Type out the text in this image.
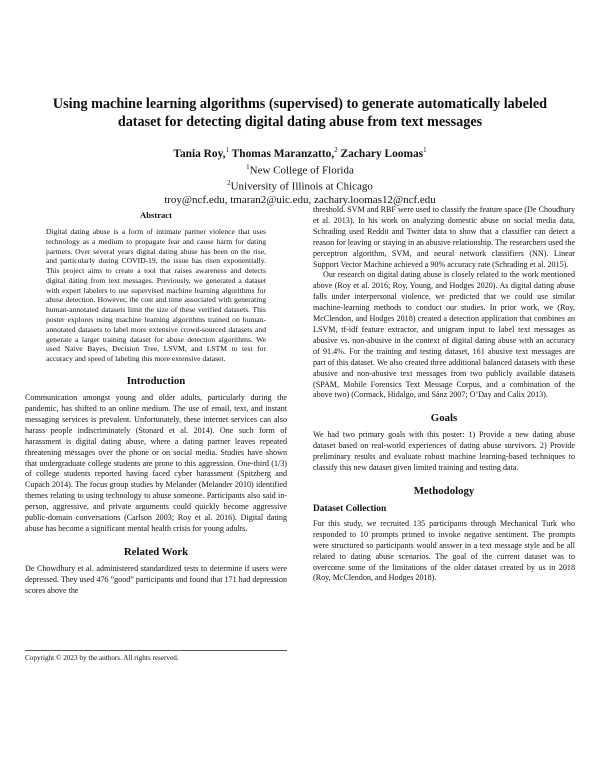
Using machine learning algorithms (supervised) to generate automatically labeled dataset for detecting digital dating abuse from text messages
Tania Roy,$^1$ Thomas Maranzatto,$^2$ Zachary Loomas$^1$
$^1$New College of Florida
$^2$University of Illinois at Chicago
troy@ncf.edu, tmaran2@uic.edu, zachary.loomas12@ncf.edu
Abstract

Digital dating abuse is a form of intimate partner violence that uses technology as a medium to propagate fear and cause harm for dating partners. Over several years digital dating abuse has been on the rise, and particularly during COVID-19, the issue has risen exponentially. This project aims to create a tool that raises awareness and detects digital dating from text messages. Previously, we generated a dataset with expert labelers to use supervised machine learning algorithms for abuse detection. However, the cost and time associated with generating human-annotated datasets limit the size of these verified datasets. This poster explores using machine learning algorithms trained on human-annotated datasets to label more extensive crowd-sourced datasets and generate a larger training dataset for abuse detection algorithms. We used Naive Bayes, Decision Tree, LSVM, and LSTM to test for accuracy and speed of labeling this more extensive dataset.

Introduction

Communication amongst young and older adults, particularly during the pandemic, has shifted to an online medium. The use of email, text, and instant messaging services is prevalent. Unfortunately, these internet services can also harass people indiscriminately (Stonard et al. 2014). One such form of harassment is digital dating abuse, where a dating partner leaves repeated threatening messages over the phone or on social media. Studies have shown that undergraduate college students are prone to this aggression. One-third (1/3) of college students reported having faced cyber harassment (Spitzberg and Cupach 2014). The focus group studies by Melander (Melander 2010) identified themes relating to using technology to abuse someone. Participants also said in-person, aggressive, and private arguments could quickly become aggressive public-domain conversations (Carlson 2003; Roy et al. 2016). Digital dating abuse has become a significant mental health crisis for young adults.

Related Work

De Chowdhury et al. administered standardized tests to determine if users were depressed. They used 476 ”good” participants and found that 171 had depression scores above the

Copyright © 2023 by the authors. All rights reserved.

threshold. SVM and RBF were used to classify the feature space (De Choudhury et al. 2013). In his work on analyzing domestic abuse on social media data, Schrading used Reddit and Twitter data to show that a classifier can detect a reason for leaving or staying in an abusive relationship. The researchers used the perceptron algorithm, SVM, and neural network classifiers (NN). Linear Support Vector Machine achieved a 90% accuracy rate (Schrading et al. 2015).

Our research on digital dating abuse is closely related to the work mentioned above (Roy et al. 2016; Roy, Young, and Hodges 2020). As digital dating abuse falls under interpersonal violence, we predicted that we could use similar machine-learning methods to conduct our studies. In prior work, we (Roy, McClendon, and Hodges 2018) created a detection application that combines an LSVM, tf-idf feature extractor, and unigram input to label text messages as abusive vs. non-abusive in the context of digital dating abuse with an accuracy of 91.4%. For the training and testing dataset, 161 abusive text messages are part of this dataset. We also created three additional balanced datasets with these abusive and non-abusive text messages from two publicly available datasets (SPAM, Mobile Forensics Text Message Corpus, and a combination of the above two) (Cormack, Hidalgo, and Sánz 2007; O’Day and Calix 2013).

Goals

We had two primary goals with this poster: 1) Provide a new dating abuse dataset based on real-world experiences of dating abuse survivors. 2) Provide preliminary results and evaluate robust machine learning-based techniques to classify this new dataset given limited training and testing data.

Methodology
Dataset Collection

For this study, we recruited 135 participants through Mechanical Turk who responded to 10 prompts primed to invoke negative sentiment. The prompts were structured so participants would answer in a text message style and be all related to dating abuse scenarios. The goal of the current dataset was to overcome some of the limitations of the older dataset created by us in 2018 (Roy, McClendon, and Hodges 2018).
